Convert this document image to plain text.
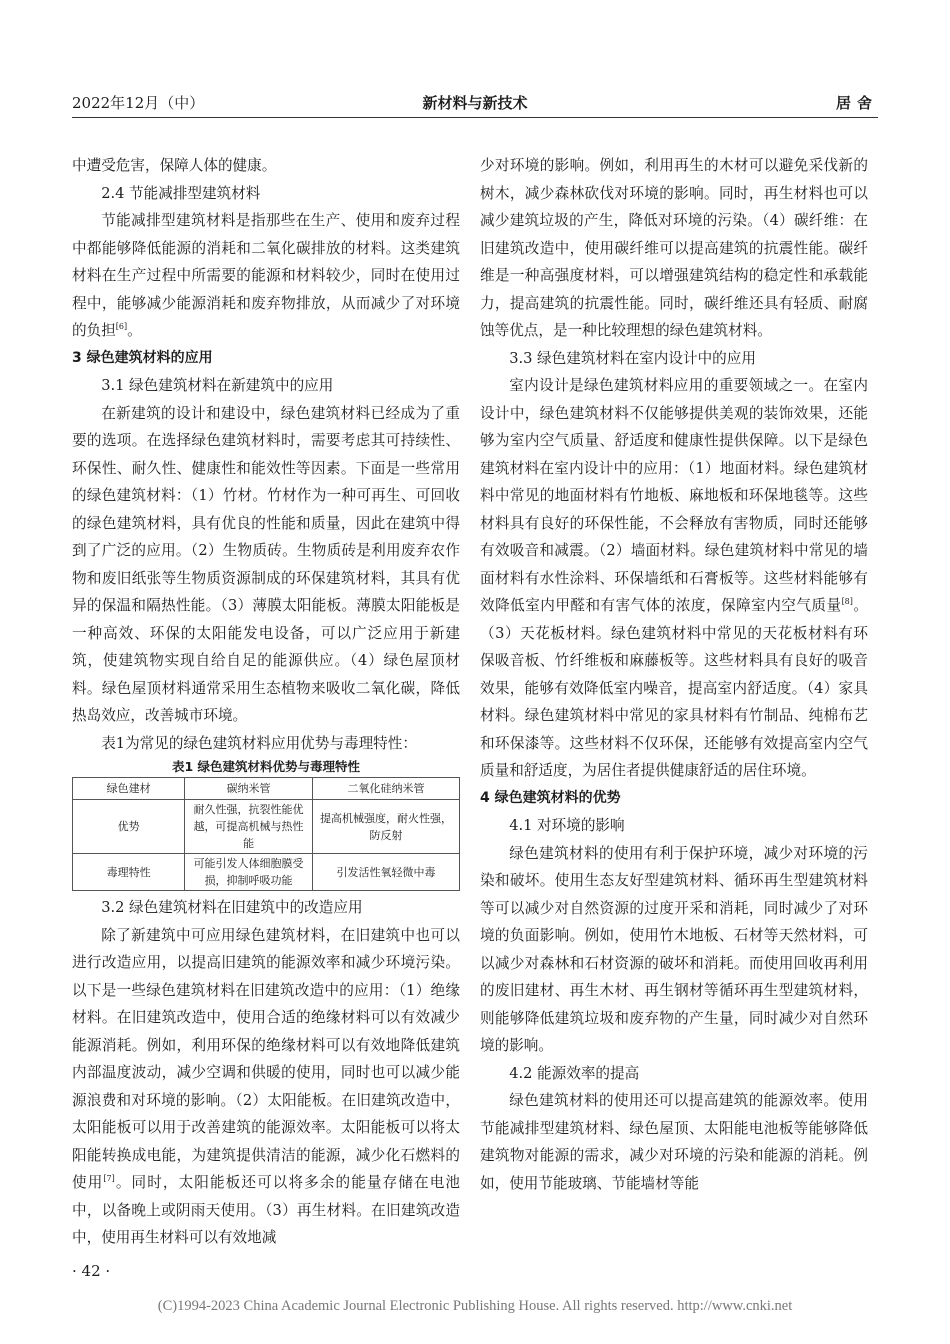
2022年12月（中）	新材料与新技术	居舍

中遭受危害，保障人体的健康。

2.4 节能减排型建筑材料

节能减排型建筑材料是指那些在生产、使用和废弃过程中都能够降低能源的消耗和二氧化碳排放的材料。这类建筑材料在生产过程中所需要的能源和材料较少，同时在使用过程中，能够减少能源消耗和废弃物排放，从而减少了对环境的负担[6]。

3 绿色建筑材料的应用
3.1 绿色建筑材料在新建筑中的应用

在新建筑的设计和建设中，绿色建筑材料已经成为了重要的选项。在选择绿色建筑材料时，需要考虑其可持续性、环保性、耐久性、健康性和能效性等因素。下面是一些常用的绿色建筑材料：（1）竹材。竹材作为一种可再生、可回收的绿色建筑材料，具有优良的性能和质量，因此在建筑中得到了广泛的应用。（2）生物质砖。生物质砖是利用废弃农作物和废旧纸张等生物质资源制成的环保建筑材料，其具有优异的保温和隔热性能。（3）薄膜太阳能板。薄膜太阳能板是一种高效、环保的太阳能发电设备，可以广泛应用于新建筑，使建筑物实现自给自足的能源供应。（4）绿色屋顶材料。绿色屋顶材料通常采用生态植物来吸收二氧化碳，降低热岛效应，改善城市环境。

表1为常见的绿色建筑材料应用优势与毒理特性：

表1 绿色建筑材料优势与毒理特性
绿色建材	碳纳米管	二氧化硅纳米管
优势	耐久性强，抗裂性能优越，可提高机械与热性能	提高机械强度，耐火性强，防反射
毒理特性	可能引发人体细胞膜受损，抑制呼吸功能	引发活性氧轻微中毒
3.2 绿色建筑材料在旧建筑中的改造应用

除了新建筑中可应用绿色建筑材料，在旧建筑中也可以进行改造应用，以提高旧建筑的能源效率和减少环境污染。以下是一些绿色建筑材料在旧建筑改造中的应用：（1）绝缘材料。在旧建筑改造中，使用合适的绝缘材料可以有效减少能源消耗。例如，利用环保的绝缘材料可以有效地降低建筑内部温度波动，减少空调和供暖的使用，同时也可以减少能源浪费和对环境的影响。（2）太阳能板。在旧建筑改造中，太阳能板可以用于改善建筑的能源效率。太阳能板可以将太阳能转换成电能，为建筑提供清洁的能源，减少化石燃料的使用[7]。同时，太阳能板还可以将多余的能量存储在电池中，以备晚上或阴雨天使用。（3）再生材料。在旧建筑改造中，使用再生材料可以有效地减

少对环境的影响。例如，利用再生的木材可以避免采伐新的树木，减少森林砍伐对环境的影响。同时，再生材料也可以减少建筑垃圾的产生，降低对环境的污染。（4）碳纤维：在旧建筑改造中，使用碳纤维可以提高建筑的抗震性能。碳纤维是一种高强度材料，可以增强建筑结构的稳定性和承载能力，提高建筑的抗震性能。同时，碳纤维还具有轻质、耐腐蚀等优点，是一种比较理想的绿色建筑材料。

3.3 绿色建筑材料在室内设计中的应用

室内设计是绿色建筑材料应用的重要领域之一。在室内设计中，绿色建筑材料不仅能够提供美观的装饰效果，还能够为室内空气质量、舒适度和健康性提供保障。以下是绿色建筑材料在室内设计中的应用：（1）地面材料。绿色建筑材料中常见的地面材料有竹地板、麻地板和环保地毯等。这些材料具有良好的环保性能，不会释放有害物质，同时还能够有效吸音和减震。（2）墙面材料。绿色建筑材料中常见的墙面材料有水性涂料、环保墙纸和石膏板等。这些材料能够有效降低室内甲醛和有害气体的浓度，保障室内空气质量[8]。（3）天花板材料。绿色建筑材料中常见的天花板材料有环保吸音板、竹纤维板和麻藤板等。这些材料具有良好的吸音效果，能够有效降低室内噪音，提高室内舒适度。（4）家具材料。绿色建筑材料中常见的家具材料有竹制品、纯棉布艺和环保漆等。这些材料不仅环保，还能够有效提高室内空气质量和舒适度，为居住者提供健康舒适的居住环境。

4 绿色建筑材料的优势
4.1 对环境的影响

绿色建筑材料的使用有利于保护环境，减少对环境的污染和破坏。使用生态友好型建筑材料、循环再生型建筑材料等可以减少对自然资源的过度开采和消耗，同时减少了对环境的负面影响。例如，使用竹木地板、石材等天然材料，可以减少对森林和石材资源的破坏和消耗。而使用回收再利用的废旧建材、再生木材、再生钢材等循环再生型建筑材料，则能够降低建筑垃圾和废弃物的产生量，同时减少对自然环境的影响。

4.2 能源效率的提高

绿色建筑材料的使用还可以提高建筑的能源效率。使用节能减排型建筑材料、绿色屋顶、太阳能电池板等能够降低建筑物对能源的需求，减少对环境的污染和能源的消耗。例如，使用节能玻璃、节能墙材等能

· 42 ·
(C)1994-2023 China Academic Journal Electronic Publishing House. All rights reserved. http://www.cnki.net
